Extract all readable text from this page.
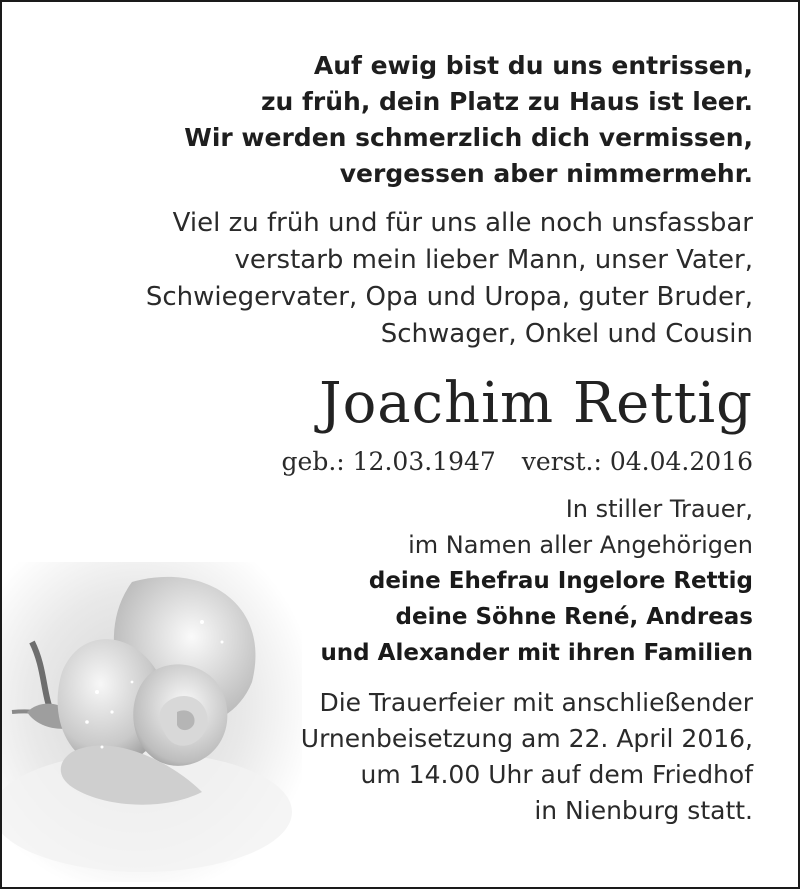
Auf ewig bist du uns entrissen,
zu früh, dein Platz zu Haus ist leer.
Wir werden schmerzlich dich vermissen,
vergessen aber nimmermehr.
Viel zu früh und für uns alle noch unsfassbar
verstarb mein lieber Mann, unser Vater,
Schwiegervater, Opa und Uropa, guter Bruder,
Schwager, Onkel und Cousin
Joachim Rettig
geb.: 12.03.1947 verst.: 04.04.2016
In stiller Trauer,
im Namen aller Angehörigen
deine Ehefrau Ingelore Rettig
deine Söhne René, Andreas
und Alexander mit ihren Familien
Die Trauerfeier mit anschließender
Urnenbeisetzung am 22. April 2016,
um 14.00 Uhr auf dem Friedhof
in Nienburg statt.
